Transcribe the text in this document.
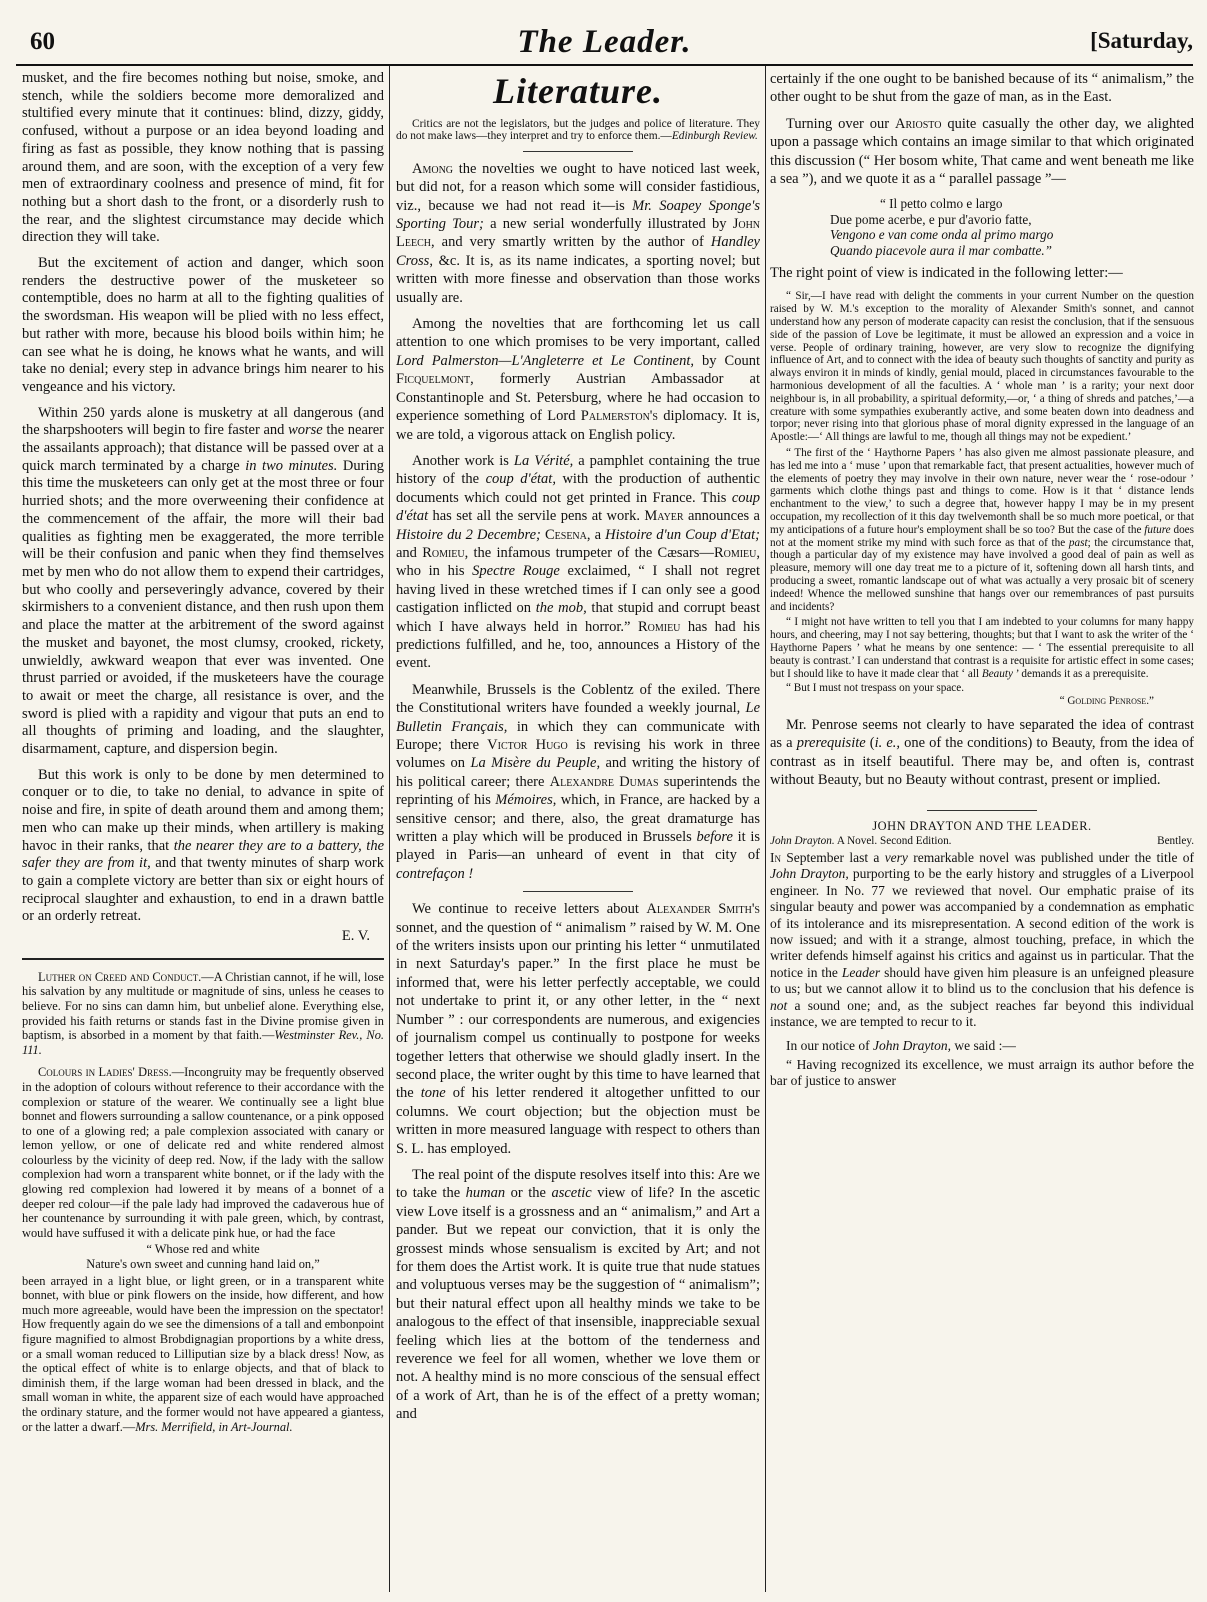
60	The Leader.	[Saturday,

musket, and the fire becomes nothing but noise, smoke, and stench, while the soldiers become more demoralized and stultified every minute that it continues: blind, dizzy, giddy, confused, without a purpose or an idea beyond loading and firing as fast as possible, they know nothing that is passing around them, and are soon, with the exception of a very few men of extraordinary coolness and presence of mind, fit for nothing but a short dash to the front, or a disorderly rush to the rear, and the slightest circumstance may decide which direction they will take.

But the excitement of action and danger, which soon renders the destructive power of the musketeer so contemptible, does no harm at all to the fighting qualities of the swordsman. His weapon will be plied with no less effect, but rather with more, because his blood boils within him; he can see what he is doing, he knows what he wants, and will take no denial; every step in advance brings him nearer to his vengeance and his victory.

Within 250 yards alone is musketry at all dangerous (and the sharpshooters will begin to fire faster and worse the nearer the assailants approach); that distance will be passed over at a quick march terminated by a charge in two minutes. During this time the musketeers can only get at the most three or four hurried shots; and the more overweening their confidence at the commencement of the affair, the more will their bad qualities as fighting men be exaggerated, the more terrible will be their confusion and panic when they find themselves met by men who do not allow them to expend their cartridges, but who coolly and perseveringly advance, covered by their skirmishers to a convenient distance, and then rush upon them and place the matter at the arbitrement of the sword against the musket and bayonet, the most clumsy, crooked, rickety, unwieldly, awkward weapon that ever was invented. One thrust parried or avoided, if the musketeers have the courage to await or meet the charge, all resistance is over, and the sword is plied with a rapidity and vigour that puts an end to all thoughts of priming and loading, and the slaughter, disarmament, capture, and dispersion begin.

But this work is only to be done by men determined to conquer or to die, to take no denial, to advance in spite of noise and fire, in spite of death around them and among them; men who can make up their minds, when artillery is making havoc in their ranks, that the nearer they are to a battery, the safer they are from it, and that twenty minutes of sharp work to gain a complete victory are better than six or eight hours of reciprocal slaughter and exhaustion, to end in a drawn battle or an orderly retreat.

E. V.

Luther on Creed and Conduct.—A Christian cannot, if he will, lose his salvation by any multitude or magnitude of sins, unless he ceases to believe. For no sins can damn him, but unbelief alone. Everything else, provided his faith returns or stands fast in the Divine promise given in baptism, is absorbed in a moment by that faith.—Westminster Rev., No. 111.

Colours in Ladies' Dress.—Incongruity may be frequently observed in the adoption of colours without reference to their accordance with the complexion or stature of the wearer. We continually see a light blue bonnet and flowers surrounding a sallow countenance, or a pink opposed to one of a glowing red; a pale complexion associated with canary or lemon yellow, or one of delicate red and white rendered almost colourless by the vicinity of deep red. Now, if the lady with the sallow complexion had worn a transparent white bonnet, or if the lady with the glowing red complexion had lowered it by means of a bonnet of a deeper red colour—if the pale lady had improved the cadaverous hue of her countenance by surrounding it with pale green, which, by contrast, would have suffused it with a delicate pink hue, or had the face

“ Whose red and white

Nature's own sweet and cunning hand laid on,”

been arrayed in a light blue, or light green, or in a transparent white bonnet, with blue or pink flowers on the inside, how different, and how much more agreeable, would have been the impression on the spectator! How frequently again do we see the dimensions of a tall and embonpoint figure magnified to almost Brobdignagian proportions by a white dress, or a small woman reduced to Lilliputian size by a black dress! Now, as the optical effect of white is to enlarge objects, and that of black to diminish them, if the large woman had been dressed in black, and the small woman in white, the apparent size of each would have approached the ordinary stature, and the former would not have appeared a giantess, or the latter a dwarf.—Mrs. Merrifield, in Art-Journal.

Literature.

Critics are not the legislators, but the judges and police of literature. They do not make laws—they interpret and try to enforce them.—Edinburgh Review.

Among the novelties we ought to have noticed last week, but did not, for a reason which some will consider fastidious, viz., because we had not read it—is Mr. Soapey Sponge's Sporting Tour; a new serial wonderfully illustrated by John Leech, and very smartly written by the author of Handley Cross, &c. It is, as its name indicates, a sporting novel; but written with more finesse and observation than those works usually are.

Among the novelties that are forthcoming let us call attention to one which promises to be very important, called Lord Palmerston—L'Angleterre et Le Continent, by Count Ficquelmont, formerly Austrian Ambassador at Constantinople and St. Petersburg, where he had occasion to experience something of Lord Palmerston's diplomacy. It is, we are told, a vigorous attack on English policy.

Another work is La Vérité, a pamphlet containing the true history of the coup d'état, with the production of authentic documents which could not get printed in France. This coup d'état has set all the servile pens at work. Mayer announces a Histoire du 2 Decembre; Cesena, a Histoire d'un Coup d'Etat; and Romieu, the infamous trumpeter of the Cæsars—Romieu, who in his Spectre Rouge exclaimed, “ I shall not regret having lived in these wretched times if I can only see a good castigation inflicted on the mob, that stupid and corrupt beast which I have always held in horror.” Romieu has had his predictions fulfilled, and he, too, announces a History of the event.

Meanwhile, Brussels is the Coblentz of the exiled. There the Constitutional writers have founded a weekly journal, Le Bulletin Français, in which they can communicate with Europe; there Victor Hugo is revising his work in three volumes on La Misère du Peuple, and writing the history of his political career; there Alexandre Dumas superintends the reprinting of his Mémoires, which, in France, are hacked by a sensitive censor; and there, also, the great dramaturge has written a play which will be produced in Brussels before it is played in Paris—an unheard of event in that city of contrefaçon !

We continue to receive letters about Alexander Smith's sonnet, and the question of “ animalism ” raised by W. M. One of the writers insists upon our printing his letter “ unmutilated in next Saturday's paper.” In the first place he must be informed that, were his letter perfectly acceptable, we could not undertake to print it, or any other letter, in the “ next Number ” : our correspondents are numerous, and exigencies of journalism compel us continually to postpone for weeks together letters that otherwise we should gladly insert. In the second place, the writer ought by this time to have learned that the tone of his letter rendered it altogether unfitted to our columns. We court objection; but the objection must be written in more measured language with respect to others than S. L. has employed.

The real point of the dispute resolves itself into this: Are we to take the human or the ascetic view of life? In the ascetic view Love itself is a grossness and an “ animalism,” and Art a pander. But we repeat our conviction, that it is only the grossest minds whose sensualism is excited by Art; and not for them does the Artist work. It is quite true that nude statues and voluptuous verses may be the suggestion of “ animalism”; but their natural effect upon all healthy minds we take to be analogous to the effect of that insensible, inappreciable sexual feeling which lies at the bottom of the tenderness and reverence we feel for all women, whether we love them or not. A healthy mind is no more conscious of the sensual effect of a work of Art, than he is of the effect of a pretty woman; and

certainly if the one ought to be banished because of its “ animalism,” the other ought to be shut from the gaze of man, as in the East.

Turning over our Ariosto quite casually the other day, we alighted upon a passage which contains an image similar to that which originated this discussion (“ Her bosom white, That came and went beneath me like a sea ”), and we quote it as a “ parallel passage ”—

“ Il petto colmo e largo

Due pome acerbe, e pur d'avorio fatte,

Vengono e van come onda al primo margo

Quando piacevole aura il mar combatte.”

The right point of view is indicated in the following letter:—

“ Sir,—I have read with delight the comments in your current Number on the question raised by W. M.'s exception to the morality of Alexander Smith's sonnet, and cannot understand how any person of moderate capacity can resist the conclusion, that if the sensuous side of the passion of Love be legitimate, it must be allowed an expression and a voice in verse. People of ordinary training, however, are very slow to recognize the dignifying influence of Art, and to connect with the idea of beauty such thoughts of sanctity and purity as always environ it in minds of kindly, genial mould, placed in circumstances favourable to the harmonious development of all the faculties. A ‘ whole man ’ is a rarity; your next door neighbour is, in all probability, a spiritual deformity,—or, ‘ a thing of shreds and patches,’—a creature with some sympathies exuberantly active, and some beaten down into deadness and torpor; never rising into that glorious phase of moral dignity expressed in the language of an Apostle:—‘ All things are lawful to me, though all things may not be expedient.’

“ The first of the ‘ Haythorne Papers ’ has also given me almost passionate pleasure, and has led me into a ‘ muse ’ upon that remarkable fact, that present actualities, however much of the elements of poetry they may involve in their own nature, never wear the ‘ rose-odour ’ garments which clothe things past and things to come. How is it that ‘ distance lends enchantment to the view,’ to such a degree that, however happy I may be in my present occupation, my recollection of it this day twelvemonth shall be so much more poetical, or that my anticipations of a future hour's employment shall be so too? But the case of the future does not at the moment strike my mind with such force as that of the past; the circumstance that, though a particular day of my existence may have involved a good deal of pain as well as pleasure, memory will one day treat me to a picture of it, softening down all harsh tints, and producing a sweet, romantic landscape out of what was actually a very prosaic bit of scenery indeed! Whence the mellowed sunshine that hangs over our remembrances of past pursuits and incidents?

“ I might not have written to tell you that I am indebted to your columns for many happy hours, and cheering, may I not say bettering, thoughts; but that I want to ask the writer of the ‘ Haythorne Papers ’ what he means by one sentence: — ‘ The essential prerequisite to all beauty is contrast.’ I can understand that contrast is a requisite for artistic effect in some cases; but I should like to have it made clear that ‘ all Beauty ’ demands it as a prerequisite.

“ But I must not trespass on your space.

“ Golding Penrose.”

Mr. Penrose seems not clearly to have separated the idea of contrast as a prerequisite (i. e., one of the conditions) to Beauty, from the idea of contrast as in itself beautiful. There may be, and often is, contrast without Beauty, but no Beauty without contrast, present or implied.

JOHN DRAYTON AND THE LEADER.

John Drayton. A Novel. Second Edition.	Bentley.

In September last a very remarkable novel was published under the title of John Drayton, purporting to be the early history and struggles of a Liverpool engineer. In No. 77 we reviewed that novel. Our emphatic praise of its singular beauty and power was accompanied by a condemnation as emphatic of its intolerance and its misrepresentation. A second edition of the work is now issued; and with it a strange, almost touching, preface, in which the writer defends himself against his critics and against us in particular. That the notice in the Leader should have given him pleasure is an unfeigned pleasure to us; but we cannot allow it to blind us to the conclusion that his defence is not a sound one; and, as the subject reaches far beyond this individual instance, we are tempted to recur to it.

In our notice of John Drayton, we said :—

“ Having recognized its excellence, we must arraign its author before the bar of justice to answer
